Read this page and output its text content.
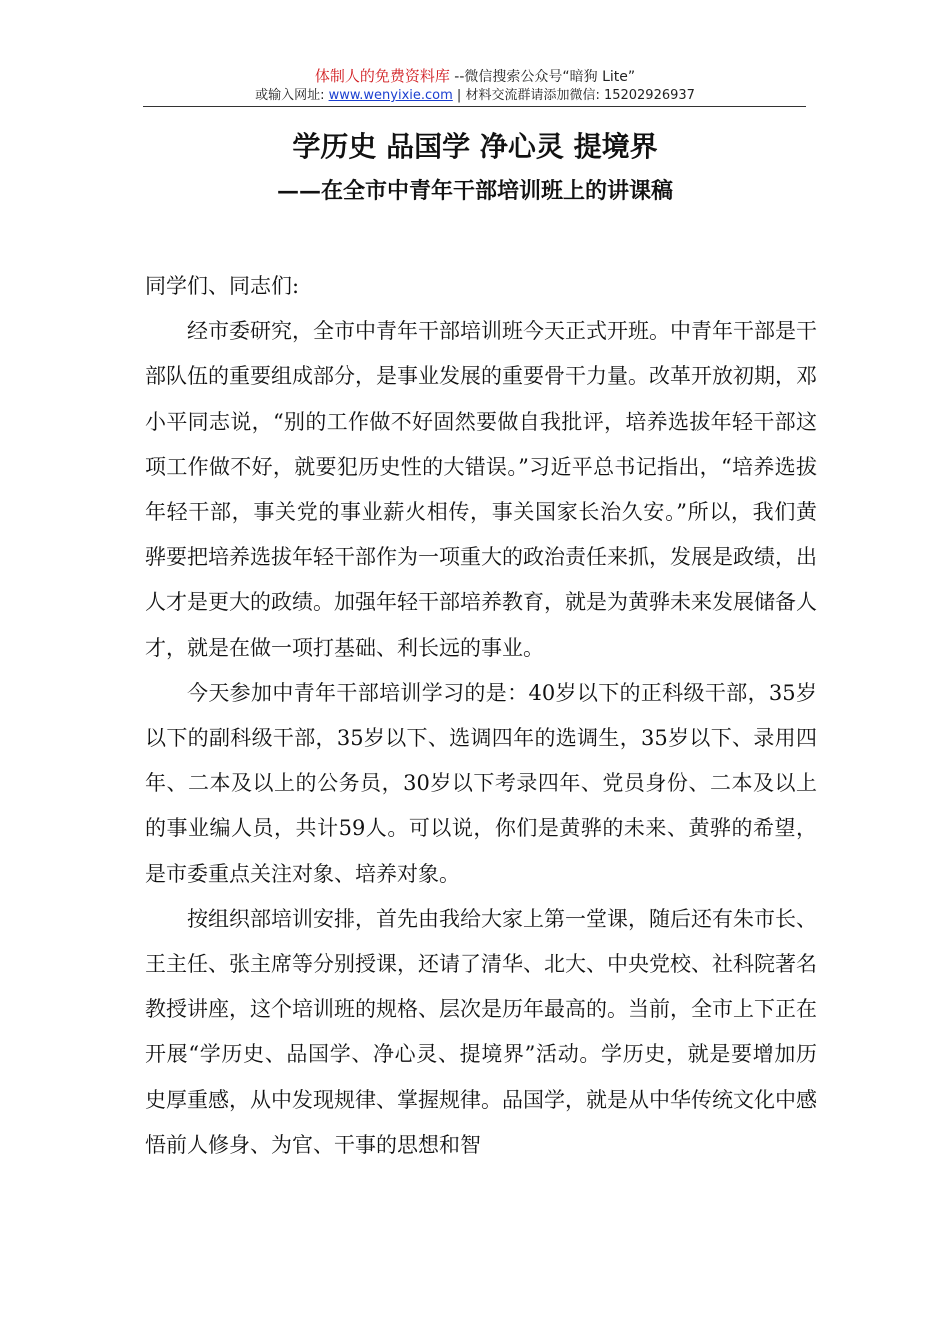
体制人的免费资料库 --微信搜索公众号“暗狗 Lite”
或输入网址: www.wenyixie.com | 材料交流群请添加微信: 15202926937
学历史 品国学 净心灵 提境界
——在全市中青年干部培训班上的讲课稿

同学们、同志们:

经市委研究，全市中青年干部培训班今天正式开班。中青年干部是干部队伍的重要组成部分，是事业发展的重要骨干力量。改革开放初期，邓小平同志说，“别的工作做不好固然要做自我批评，培养选拔年轻干部这项工作做不好，就要犯历史性的大错误。”习近平总书记指出，“培养选拔年轻干部，事关党的事业薪火相传，事关国家长治久安。”所以，我们黄骅要把培养选拔年轻干部作为一项重大的政治责任来抓，发展是政绩，出人才是更大的政绩。加强年轻干部培养教育，就是为黄骅未来发展储备人才，就是在做一项打基础、利长远的事业。

今天参加中青年干部培训学习的是：40岁以下的正科级干部，35岁以下的副科级干部，35岁以下、选调四年的选调生，35岁以下、录用四年、二本及以上的公务员，30岁以下考录四年、党员身份、二本及以上的事业编人员，共计59人。可以说，你们是黄骅的未来、黄骅的希望，是市委重点关注对象、培养对象。

按组织部培训安排，首先由我给大家上第一堂课，随后还有朱市长、王主任、张主席等分别授课，还请了清华、北大、中央党校、社科院著名教授讲座，这个培训班的规格、层次是历年最高的。当前，全市上下正在开展“学历史、品国学、净心灵、提境界”活动。学历史，就是要增加历史厚重感，从中发现规律、掌握规律。品国学，就是从中华传统文化中感悟前人修身、为官、干事的思想和智
